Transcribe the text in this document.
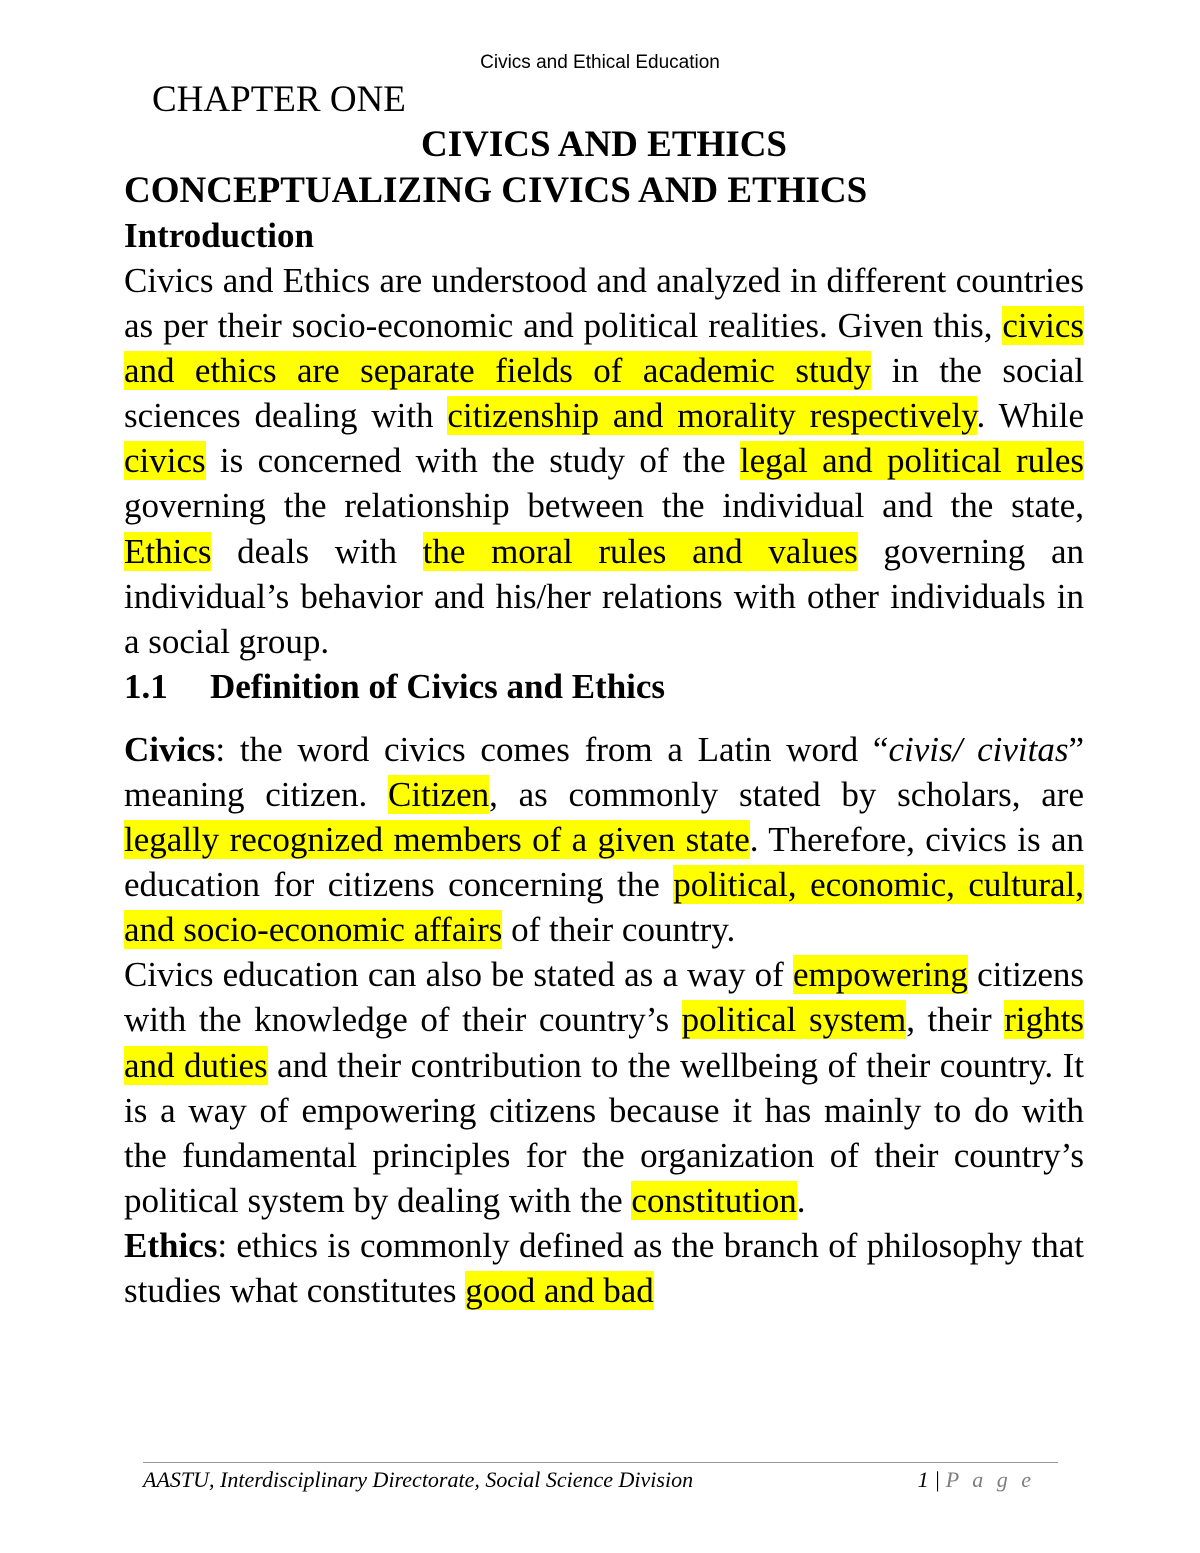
Civics and Ethical Education
CHAPTER ONE
CIVICS AND ETHICS
CONCEPTUALIZING CIVICS AND ETHICS
Introduction

Civics and Ethics are understood and analyzed in different countries as per their socio-economic and political realities. Given this, civics and ethics are separate fields of academic study in the social sciences dealing with citizenship and morality respectively. While civics is concerned with the study of the legal and political rules governing the relationship between the individual and the state, Ethics deals with the moral rules and values governing an individual’s behavior and his/her relations with other individuals in a social group.

1.1 Definition of Civics and Ethics

Civics: the word civics comes from a Latin word “civis/ civitas” meaning citizen. Citizen, as commonly stated by scholars, are legally recognized members of a given state. Therefore, civics is an education for citizens concerning the political, economic, cultural, and socio-economic affairs of their country.

Civics education can also be stated as a way of empowering citizens with the knowledge of their country’s political system, their rights and duties and their contribution to the wellbeing of their country. It is a way of empowering citizens because it has mainly to do with the fundamental principles for the organization of their country’s political system by dealing with the constitution.

Ethics: ethics is commonly defined as the branch of philosophy that studies what constitutes good and bad

AASTU, Interdisciplinary Directorate, Social Science Division	1 | P a g e
